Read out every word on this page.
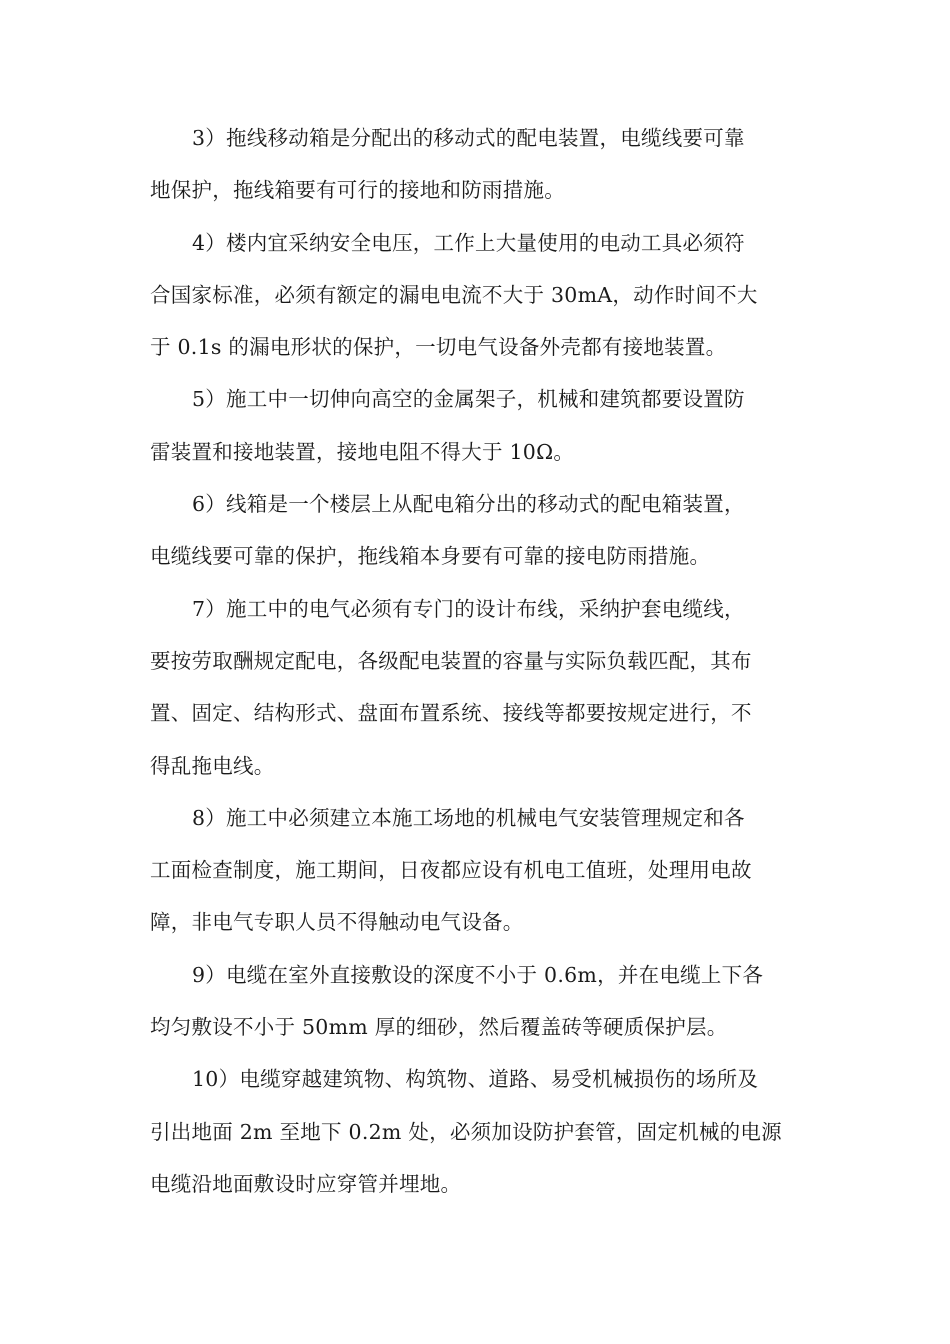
3）拖线移动箱是分配出的移动式的配电装置，电缆线要可靠
地保护，拖线箱要有可行的接地和防雨措施。

4）楼内宜采纳安全电压，工作上大量使用的电动工具必须符
合国家标准，必须有额定的漏电电流不大于 30mA，动作时间不大
于 0.1s 的漏电形状的保护，一切电气设备外壳都有接地装置。

5）施工中一切伸向高空的金属架子，机械和建筑都要设置防
雷装置和接地装置，接地电阻不得大于 10Ω。

6）线箱是一个楼层上从配电箱分出的移动式的配电箱装置，
电缆线要可靠的保护，拖线箱本身要有可靠的接电防雨措施。

7）施工中的电气必须有专门的设计布线，采纳护套电缆线，
要按劳取酬规定配电，各级配电装置的容量与实际负载匹配，其布
置、固定、结构形式、盘面布置系统、接线等都要按规定进行，不
得乱拖电线。

8）施工中必须建立本施工场地的机械电气安装管理规定和各
工面检查制度，施工期间，日夜都应设有机电工值班，处理用电故
障，非电气专职人员不得触动电气设备。

9）电缆在室外直接敷设的深度不小于 0.6m，并在电缆上下各
均匀敷设不小于 50mm 厚的细砂，然后覆盖砖等硬质保护层。

10）电缆穿越建筑物、构筑物、道路、易受机械损伤的场所及
引出地面 2m 至地下 0.2m 处，必须加设防护套管，固定机械的电源
电缆沿地面敷设时应穿管并埋地。
